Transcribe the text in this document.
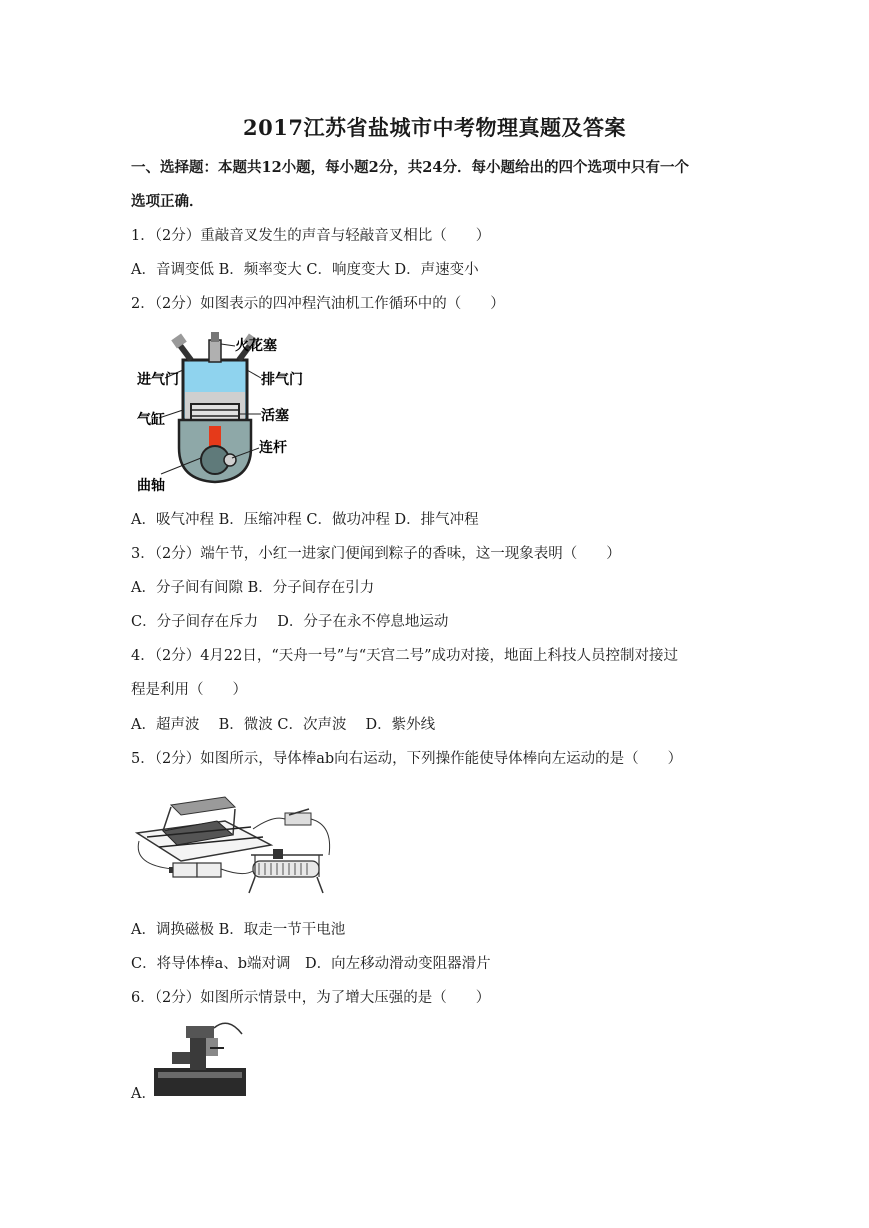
2017江苏省盐城市中考物理真题及答案
一、选择题：本题共12小题，每小题2分，共24分．每小题给出的四个选项中只有一个
选项正确．
1．（2分）重敲音叉发生的声音与轻敲音叉相比（　　）
A．音调变低 B．频率变大 C．响度变大 D．声速变小
2．（2分）如图表示的四冲程汽油机工作循环中的（　　）
火花塞
进气门	排气门
气缸	活塞
连杆
曲轴
A．吸气冲程 B．压缩冲程 C．做功冲程 D．排气冲程
3．（2分）端午节，小红一进家门便闻到粽子的香味，这一现象表明（　　）
A．分子间有间隙 B．分子间存在引力
C．分子间存在斥力　 D．分子在永不停息地运动
4．（2分）4月22日，“天舟一号”与“天宫二号”成功对接，地面上科技人员控制对接过
程是利用（　　）
A．超声波　 B．微波 C．次声波　 D．紫外线
5．（2分）如图所示，导体棒ab向右运动，下列操作能使导体棒向左运动的是（　　）
A．调换磁极 B．取走一节干电池
C．将导体棒a、b端对调　D．向左移动滑动变阻器滑片
6．（2分）如图所示情景中，为了增大压强的是（　　）
A．
